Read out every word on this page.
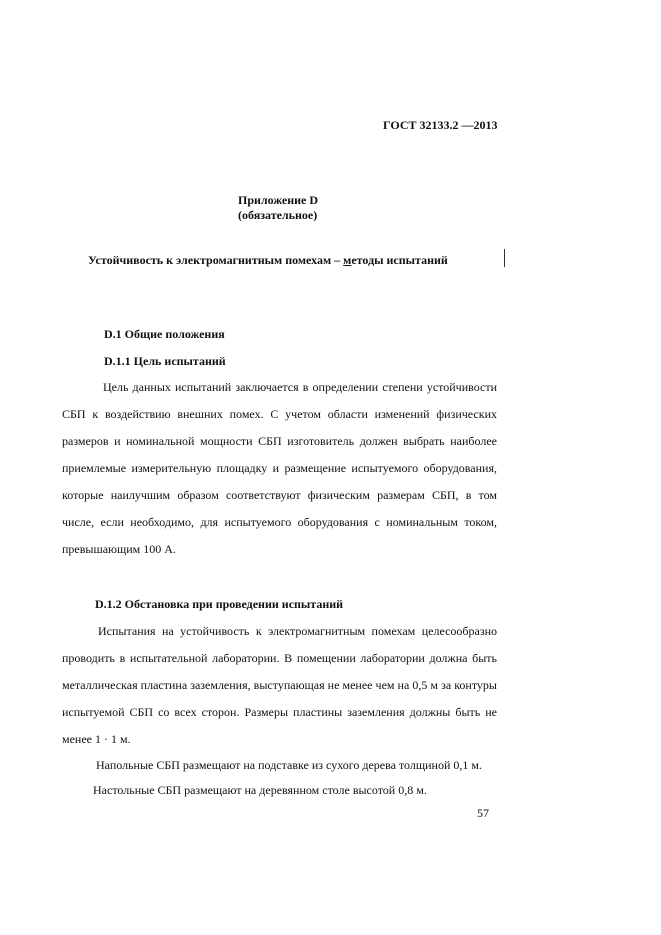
ГОСТ 32133.2 —2013
Приложение D
(обязательное)
Устойчивость к электромагнитным помехам – методы испытаний
D.1 Общие положения
D.1.1 Цель испытаний
Цель данных испытаний заключается в определении степени устойчивости
СБП к воздействию внешних помех. С учетом области изменений физических
размеров и номинальной мощности СБП изготовитель должен выбрать наиболее
приемлемые измерительную площадку и размещение испытуемого оборудования,
которые наилучшим образом соответствуют физическим размерам СБП, в том
числе, если необходимо, для испытуемого оборудования с номинальным током,
превышающим 100 А.
D.1.2 Обстановка при проведении испытаний
Испытания на устойчивость к электромагнитным помехам целесообразно
проводить в испытательной лаборатории. В помещении лаборатории должна быть
металлическая пластина заземления, выступающая не менее чем на 0,5 м за контуры
испытуемой СБП со всех сторон. Размеры пластины заземления должны быть не
менее 1 · 1 м.
Напольные СБП размещают на подставке из сухого дерева толщиной 0,1 м.
Настольные СБП размещают на деревянном столе высотой 0,8 м.
57
